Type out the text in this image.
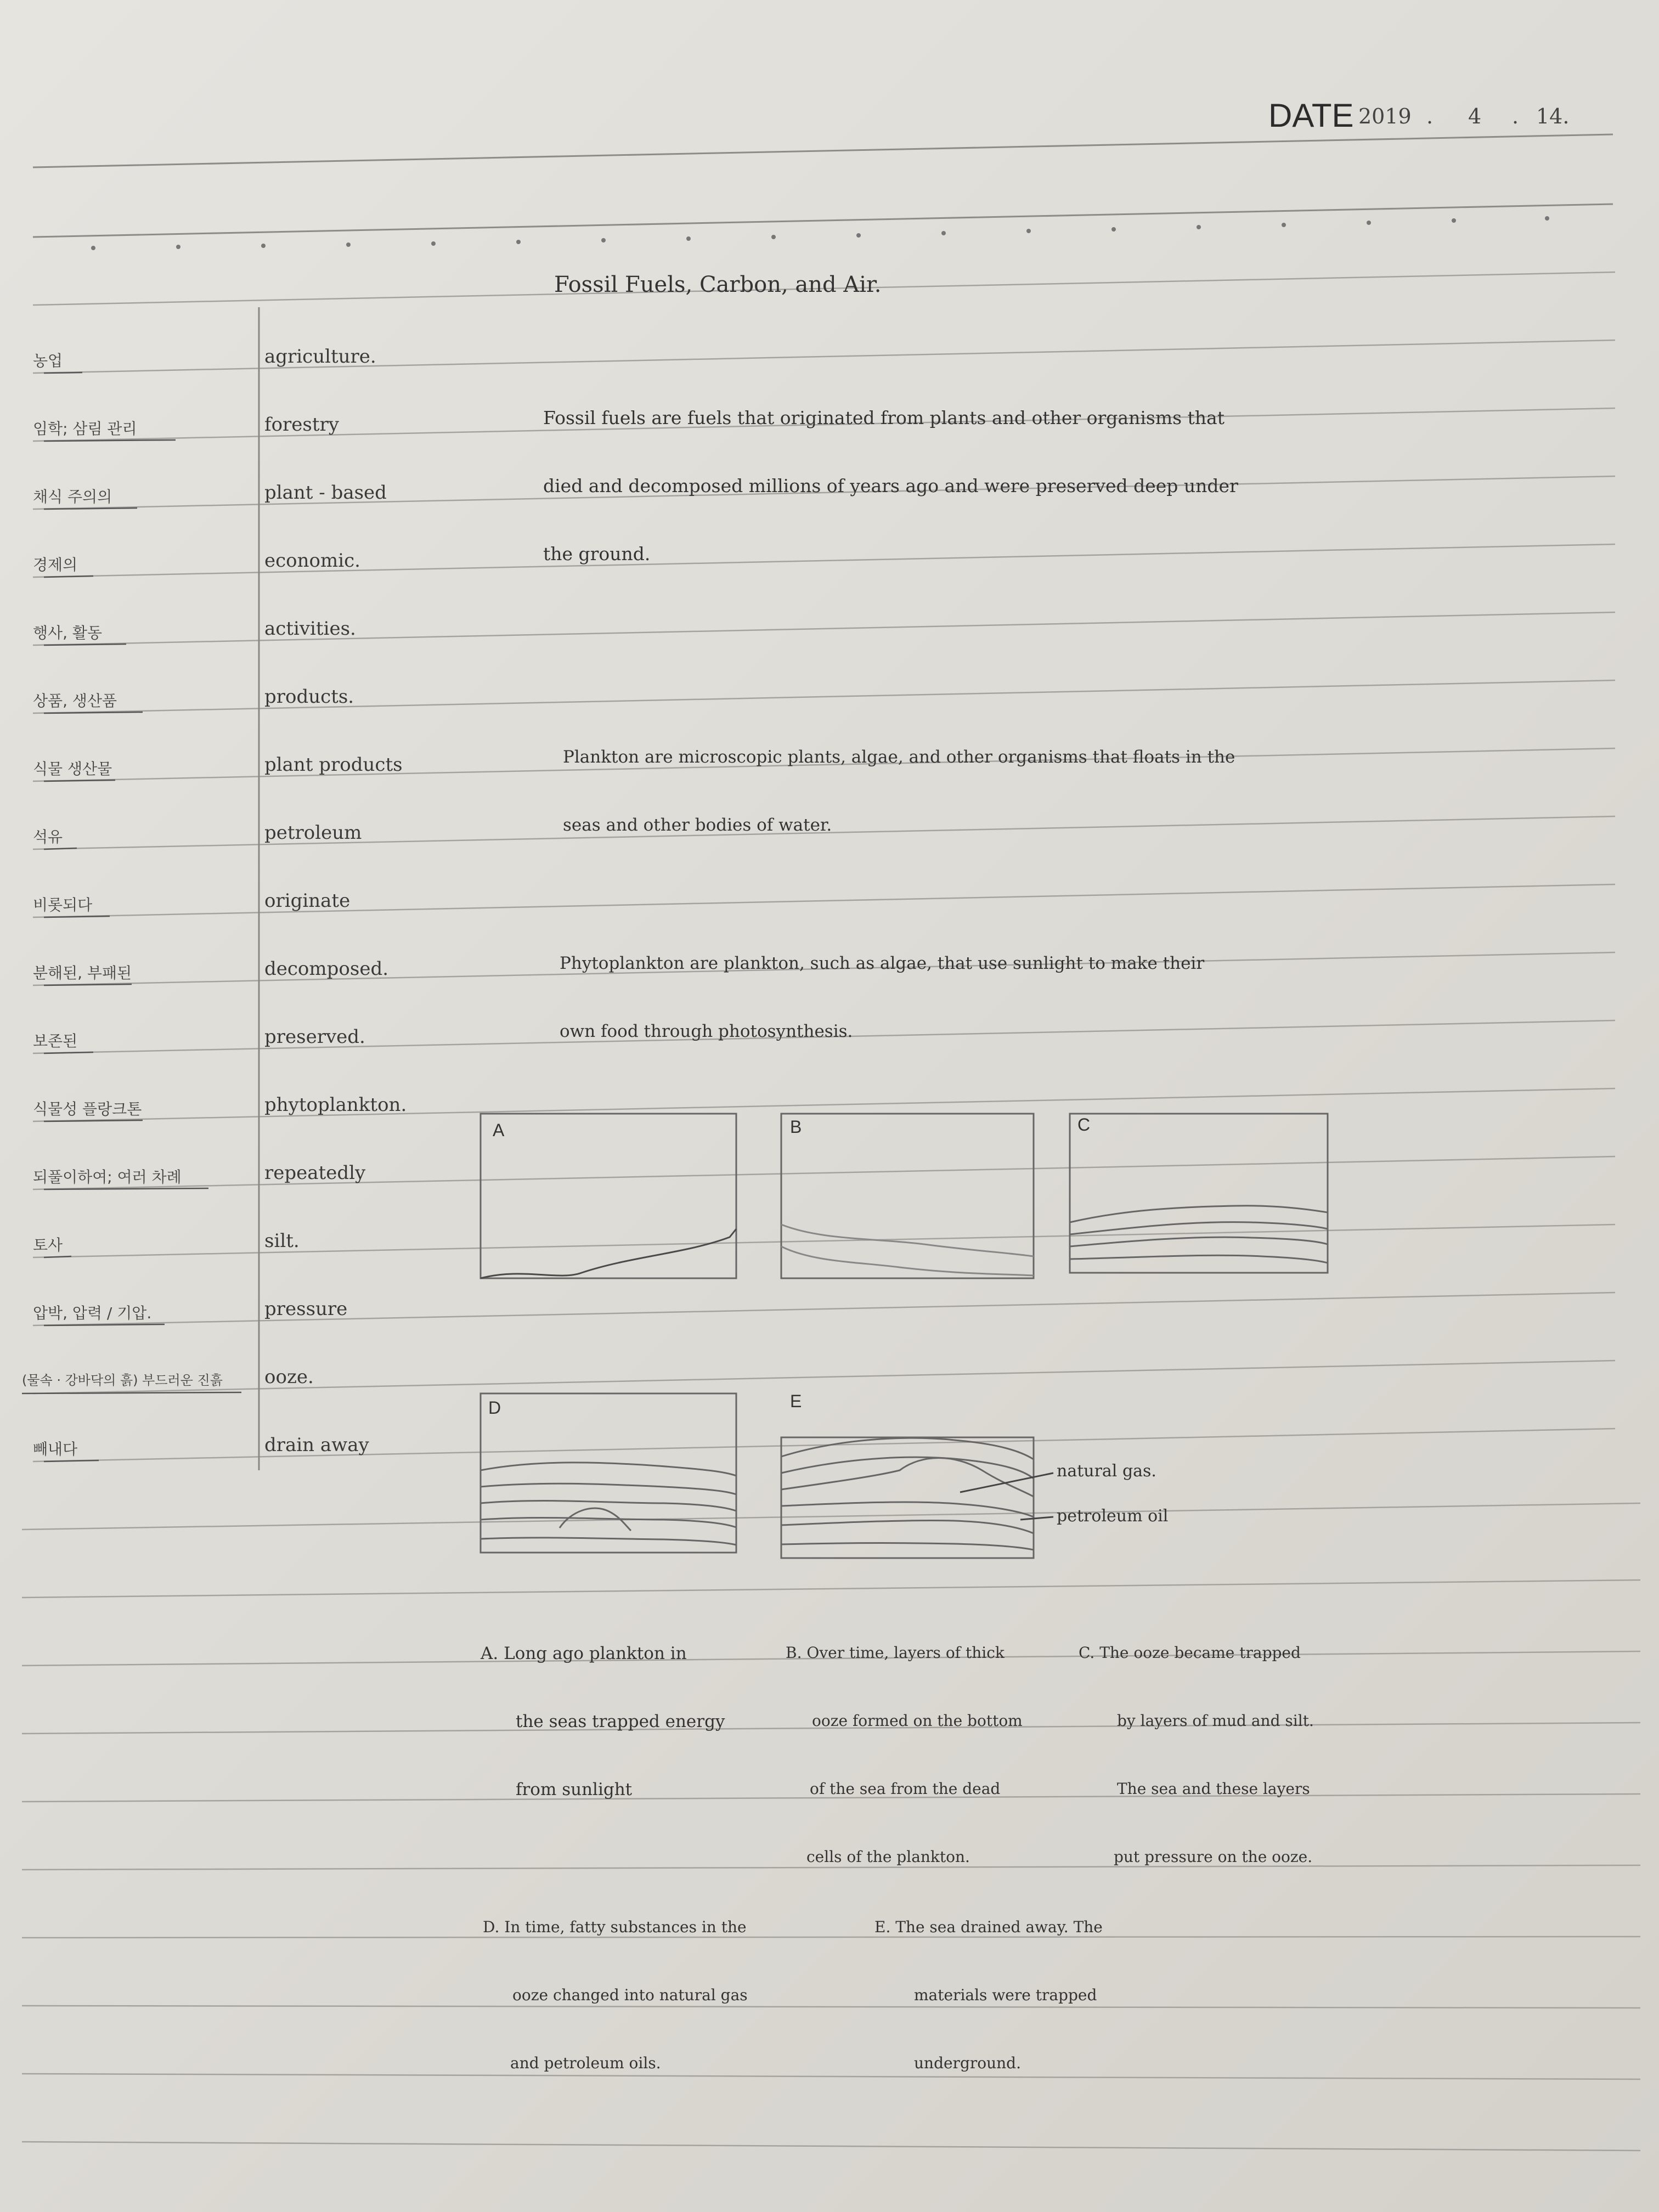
DATE 2019 . 4 . 14.
Fossil Fuels, Carbon, and Air.
농업	agriculture.
임학; 삼림 관리	forestry
채식 주의의	plant - based
경제의	economic.
행사, 활동	activities.
상품, 생산품	products.
식물 생산물	plant products
석유	petroleum
비롯되다	originate
분해된, 부패된	decomposed.
보존된	preserved.
식물성 플랑크톤	phytoplankton.
되풀이하여; 여러 차례	repeatedly
토사	silt.
압박, 압력 / 기압.	pressure
(물속 · 강바닥의 흙) 부드러운 진흙 ooze.
빼내다	drain away
Fossil fuels are fuels that originated from plants and other organisms that
died and decomposed millions of years ago and were preserved deep under
the ground.
Plankton are microscopic plants, algae, and other organisms that floats in the
seas and other bodies of water.
Phytoplankton are plankton, such as algae, that use sunlight to make their
own food through photosynthesis.
A	B	C
D	E
natural gas.
petroleum oil
A. Long ago plankton in
the seas trapped energy
from sunlight
B. Over time, layers of thick
ooze formed on the bottom
of the sea from the dead
cells of the plankton.
C. The ooze became trapped
by layers of mud and silt.
The sea and these layers
put pressure on the ooze.
D. In time, fatty substances in the
ooze changed into natural gas
and petroleum oils.
E. The sea drained away. The
materials were trapped
underground.
